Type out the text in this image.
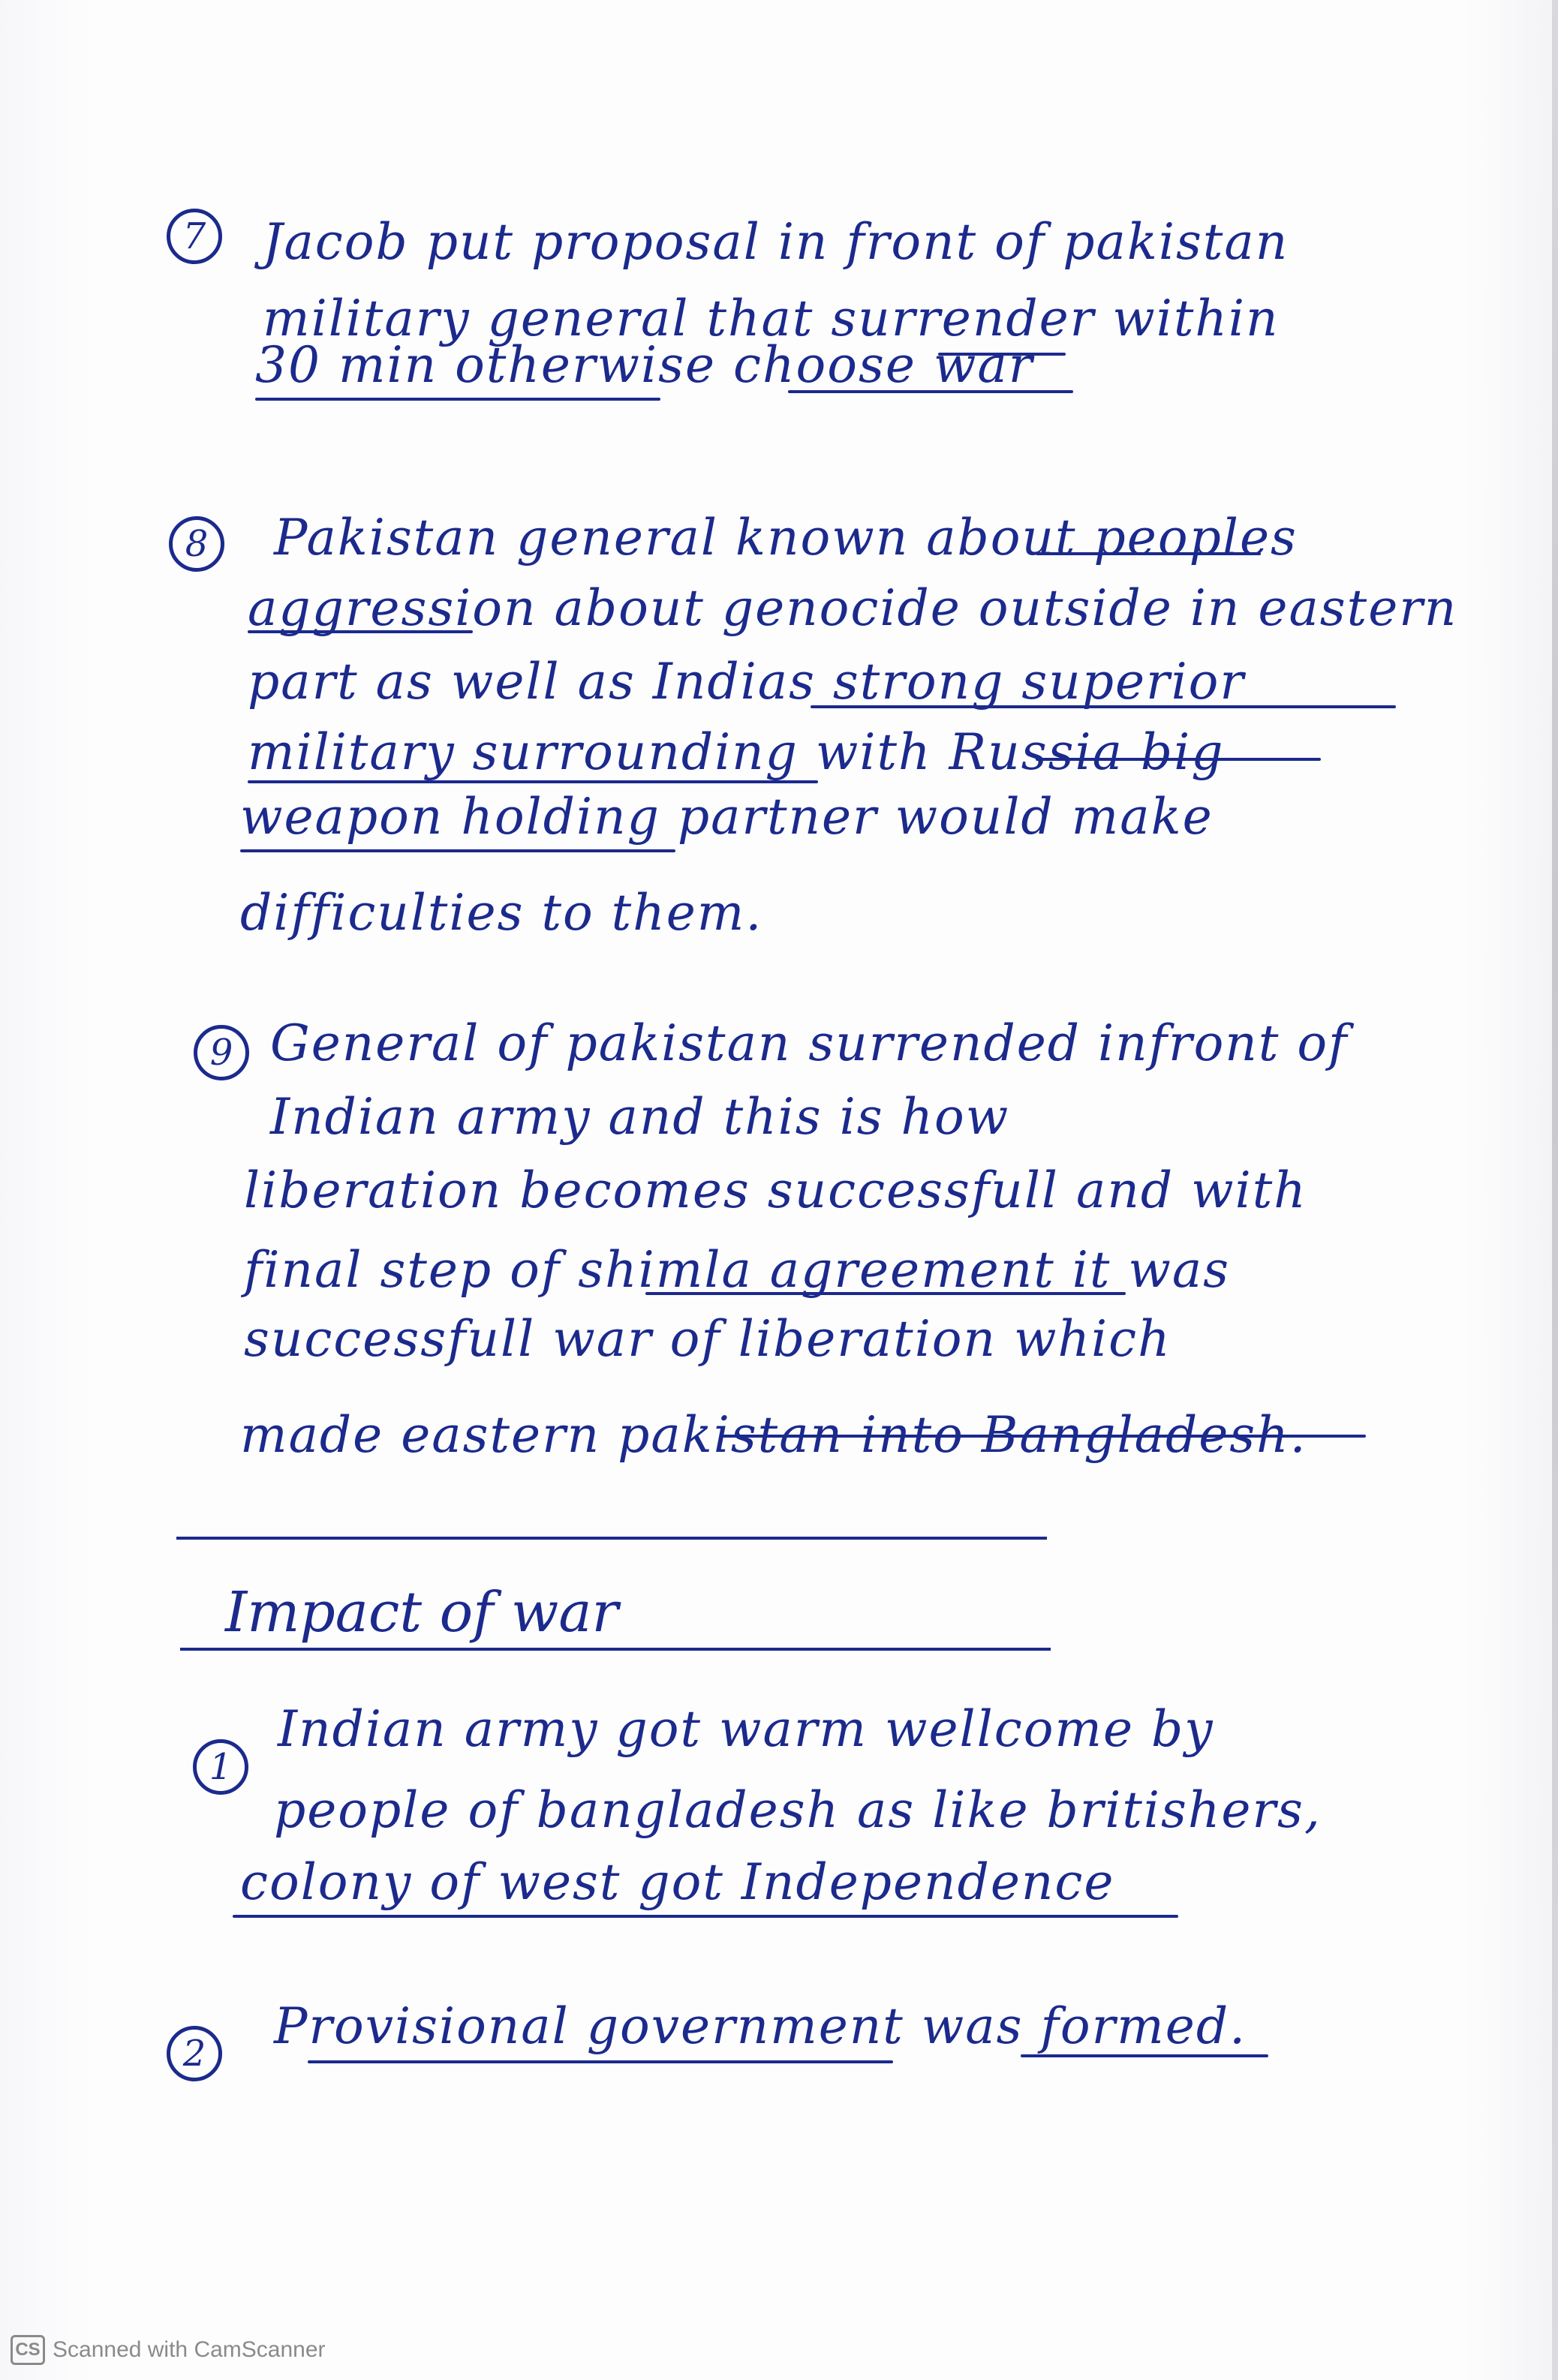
7	Jacob put proposal in front of pakistan
military general that surrender within
30 min otherwise choose war
8	Pakistan general known about peoples
aggression about genocide outside in eastern
part as well as Indias strong superior
military surrounding with Russia big
weapon holding partner would make
difficulties to them.
9 General of pakistan surrended infront of
Indian army and this is how
liberation becomes successfull and with
final step of shimla agreement it was
successfull war of liberation which
made eastern pakistan into Bangladesh.
Impact of war
1
Indian army got warm wellcome by
people of bangladesh as like britishers,
colony of west got Independence
2	Provisional government was formed.
CS Scanned with CamScanner
